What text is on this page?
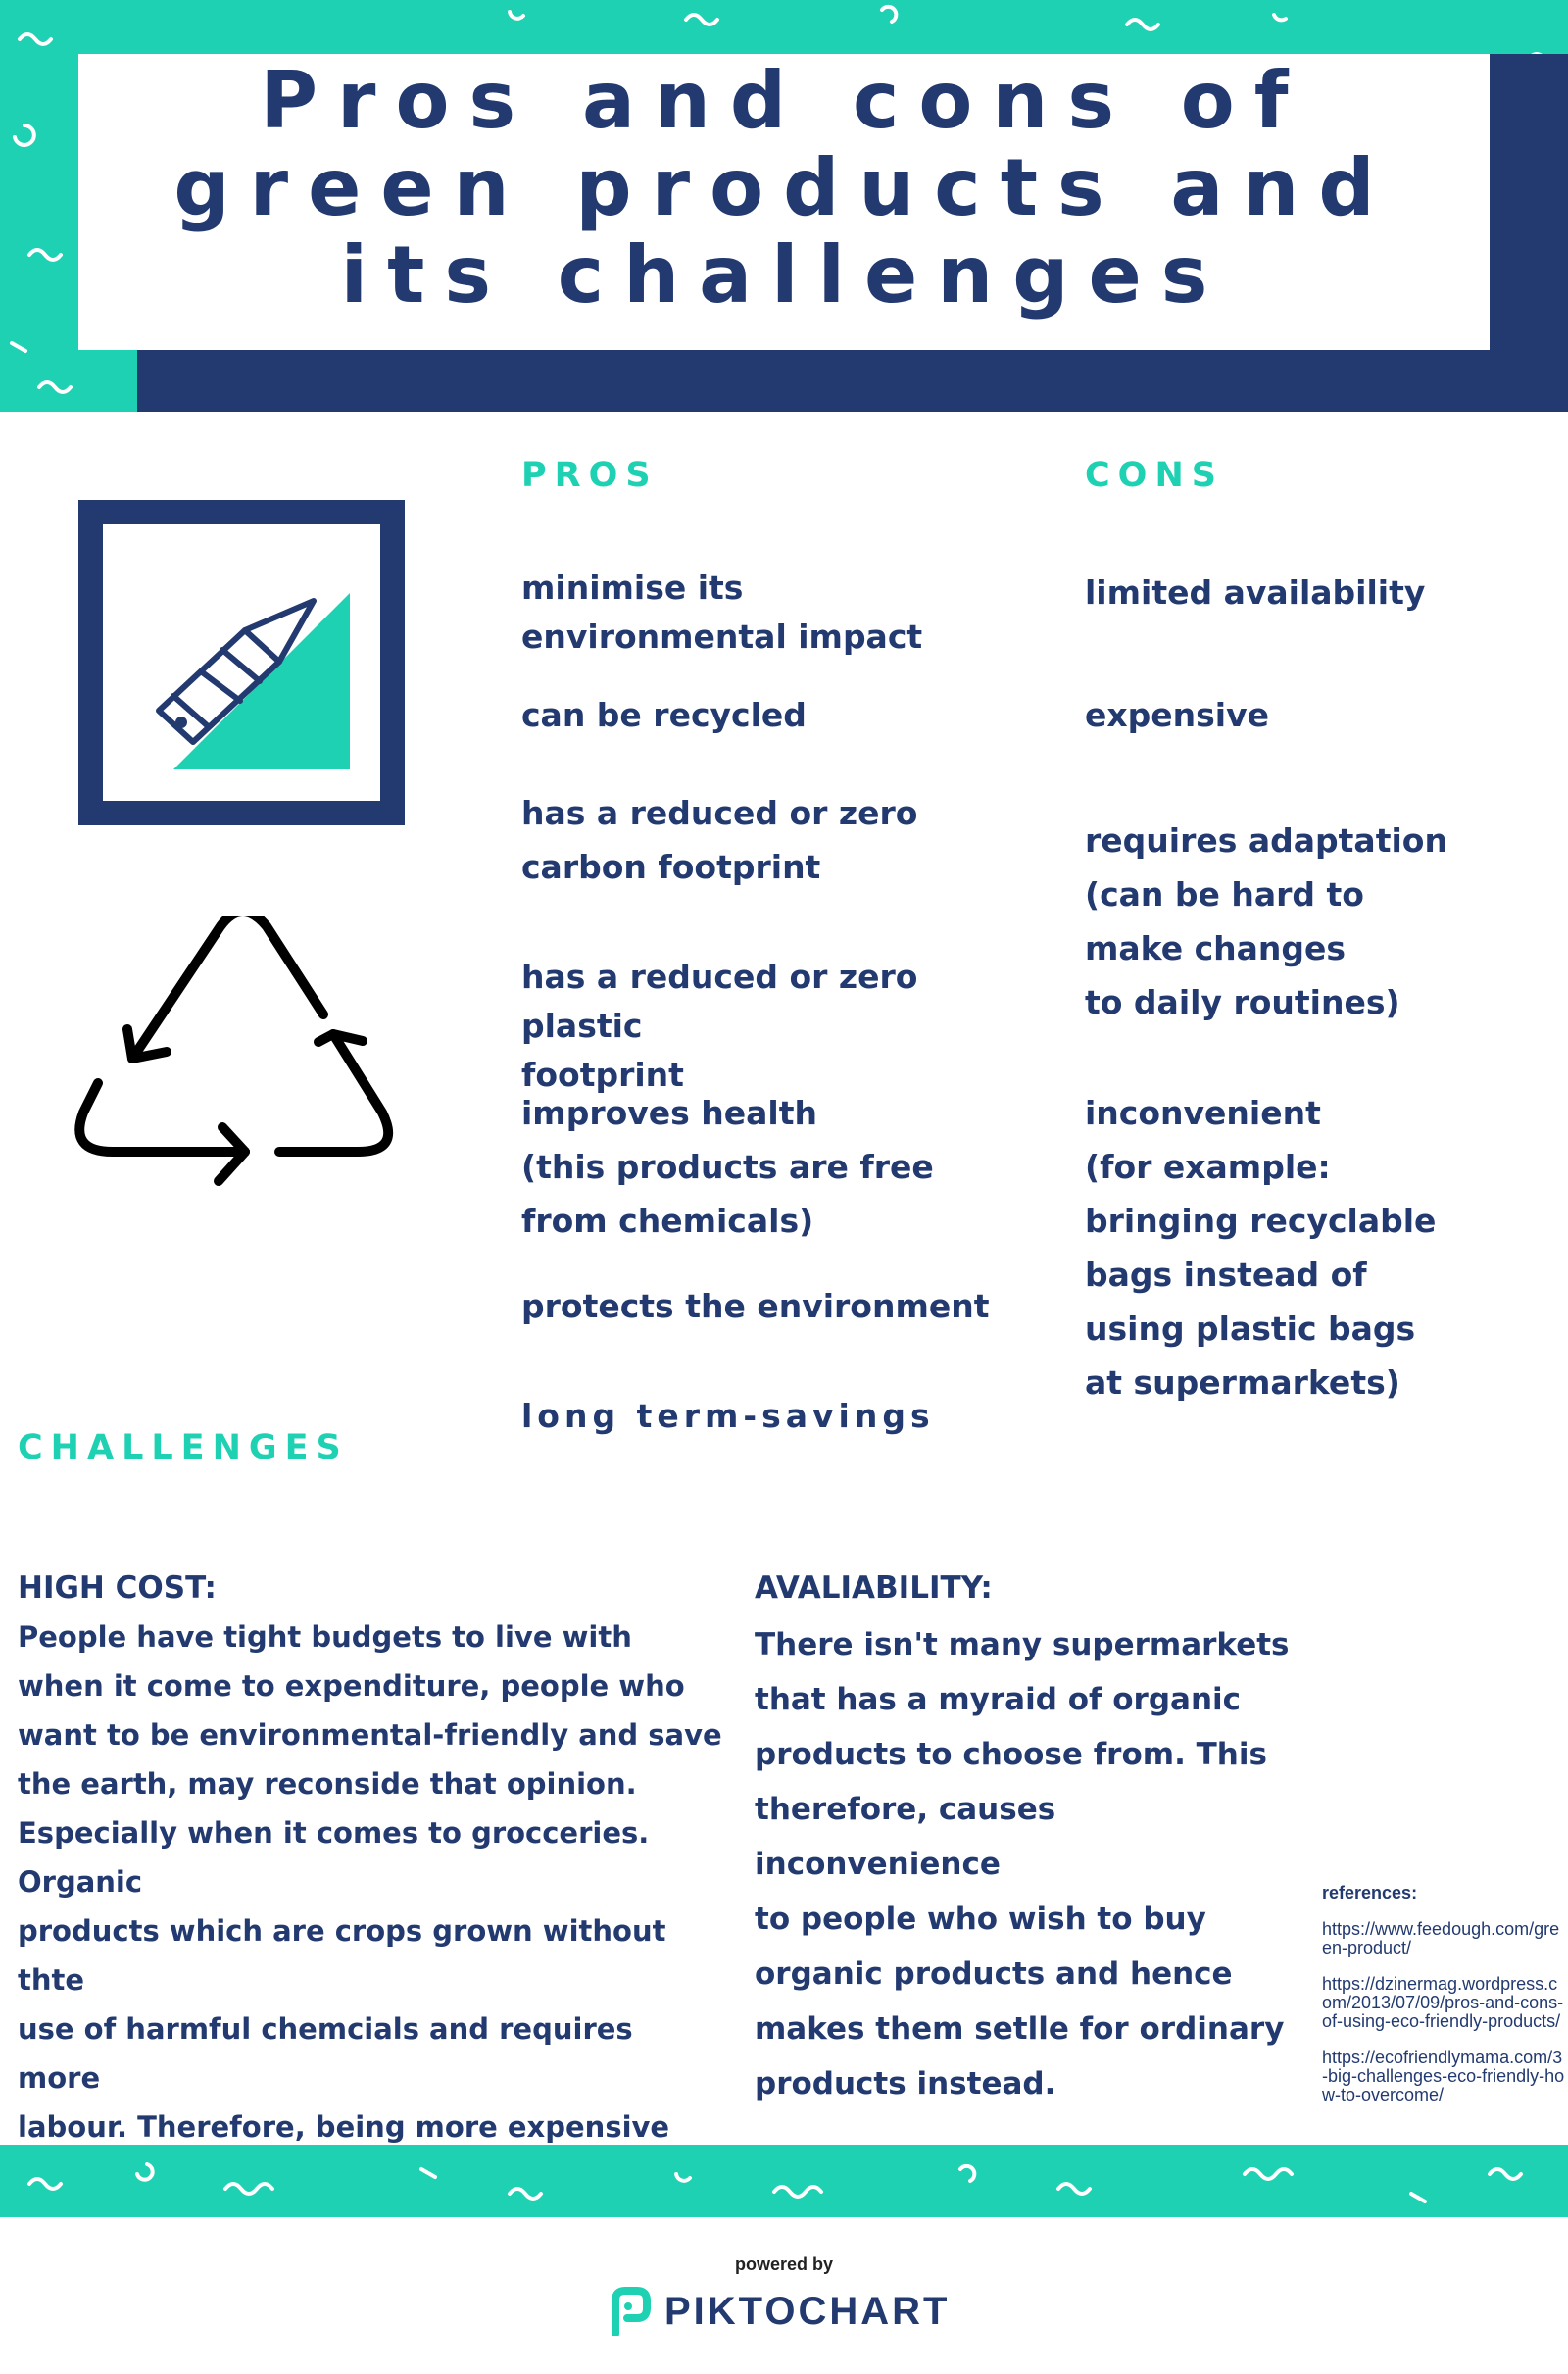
Pros and cons of green products and its challenges
PROS

minimise its
environmental impact

can be recycled

has a reduced or zero
carbon footprint

has a reduced or zero plastic
footprint

improves health
(this products are free
from chemicals)

protects the environment

long term-savings

CONS

limited availability

expensive

requires adaptation
(can be hard to
make changes
to daily routines)

inconvenient
(for example:
bringing recyclable
bags instead of
using plastic bags
at supermarkets)

CHALLENGES

HIGH COST:

People have tight budgets to live with
when it come to expenditure, people who
want to be environmental-friendly and save
the earth, may reconside that opinion.
Especially when it comes to grocceries. Organic
products which are crops grown without thte
use of harmful chemcials and requires more
labour. Therefore, being more expensive

AVALIABILITY:

There isn't many supermarkets
that has a myraid of organic
products to choose from. This
therefore, causes inconvenience
to people who wish to buy
organic products and hence
makes them setlle for ordinary
products instead.

references:
https://www.feedough.com/green-product/
https://dzinermag.wordpress.com/2013/07/09/pros-and-cons-of-using-eco-friendly-products/
https://ecofriendlymama.com/3-big-challenges-eco-friendly-how-to-overcome/
powered by
PIKTOCHART
